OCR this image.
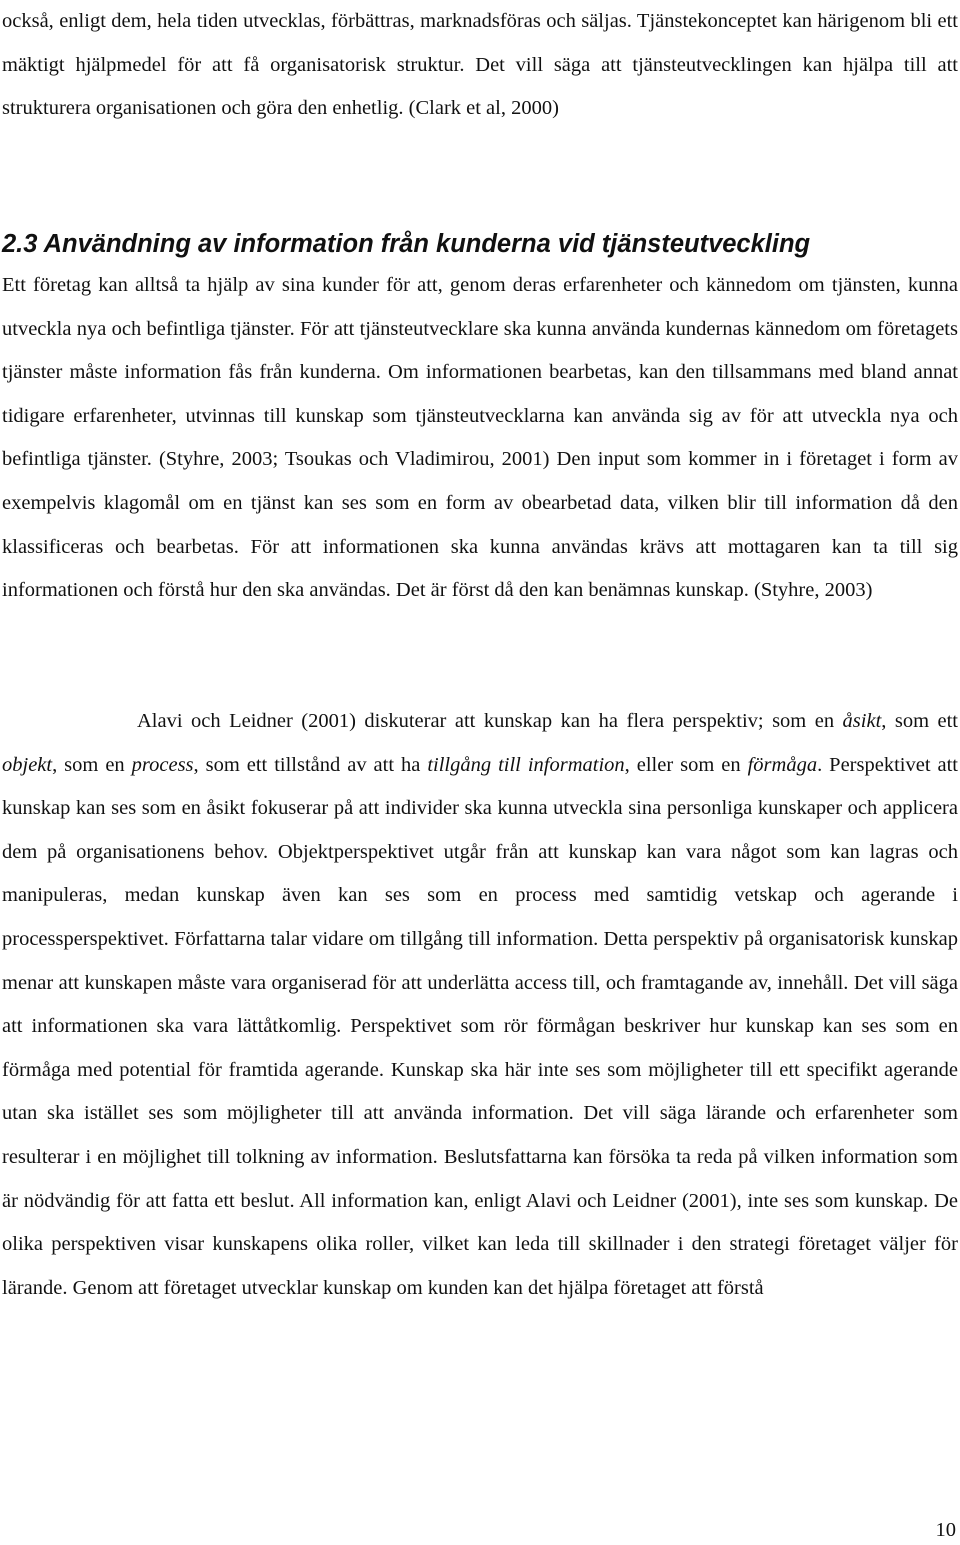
också, enligt dem, hela tiden utvecklas, förbättras, marknadsföras och säljas. Tjänstekonceptet kan härigenom bli ett mäktigt hjälpmedel för att få organisatorisk struktur. Det vill säga att tjänsteutvecklingen kan hjälpa till att strukturera organisationen och göra den enhetlig. (Clark et al, 2000)

2.3 Användning av information från kunderna vid tjänsteutveckling

Ett företag kan alltså ta hjälp av sina kunder för att, genom deras erfarenheter och kännedom om tjänsten, kunna utveckla nya och befintliga tjänster. För att tjänsteutvecklare ska kunna använda kundernas kännedom om företagets tjänster måste information fås från kunderna. Om informationen bearbetas, kan den tillsammans med bland annat tidigare erfarenheter, utvinnas till kunskap som tjänsteutvecklarna kan använda sig av för att utveckla nya och befintliga tjänster. (Styhre, 2003; Tsoukas och Vladimirou, 2001) Den input som kommer in i företaget i form av exempelvis klagomål om en tjänst kan ses som en form av obearbetad data, vilken blir till information då den klassificeras och bearbetas. För att informationen ska kunna användas krävs att mottagaren kan ta till sig informationen och förstå hur den ska användas. Det är först då den kan benämnas kunskap. (Styhre, 2003)

Alavi och Leidner (2001) diskuterar att kunskap kan ha flera perspektiv; som en åsikt, som ett objekt, som en process, som ett tillstånd av att ha tillgång till information, eller som en förmåga. Perspektivet att kunskap kan ses som en åsikt fokuserar på att individer ska kunna utveckla sina personliga kunskaper och applicera dem på organisationens behov. Objektperspektivet utgår från att kunskap kan vara något som kan lagras och manipuleras, medan kunskap även kan ses som en process med samtidig vetskap och agerande i processperspektivet. Författarna talar vidare om tillgång till information. Detta perspektiv på organisatorisk kunskap menar att kunskapen måste vara organiserad för att underlätta access till, och framtagande av, innehåll. Det vill säga att informationen ska vara lättåtkomlig. Perspektivet som rör förmågan beskriver hur kunskap kan ses som en förmåga med potential för framtida agerande. Kunskap ska här inte ses som möjligheter till ett specifikt agerande utan ska istället ses som möjligheter till att använda information. Det vill säga lärande och erfarenheter som resulterar i en möjlighet till tolkning av information. Beslutsfattarna kan försöka ta reda på vilken information som är nödvändig för att fatta ett beslut. All information kan, enligt Alavi och Leidner (2001), inte ses som kunskap. De olika perspektiven visar kunskapens olika roller, vilket kan leda till skillnader i den strategi företaget väljer för lärande. Genom att företaget utvecklar kunskap om kunden kan det hjälpa företaget att förstå

10
